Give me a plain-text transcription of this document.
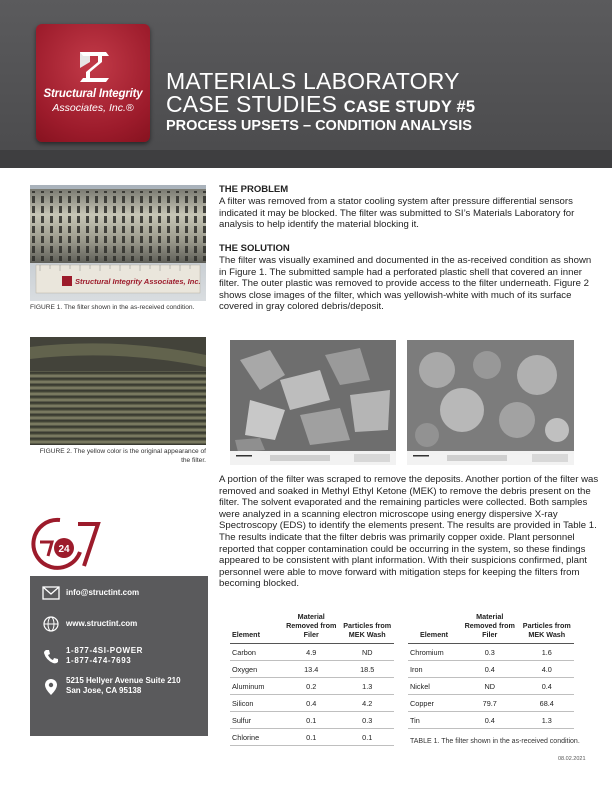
Structural Integrity
Associates, Inc.®
MATERIALS LABORATORY
CASE STUDIES CASE STUDY #5
PROCESS UPSETS – CONDITION ANALYSIS
Structural Integrity Associates, Inc.
FIGURE 1. The filter shown in the as-received condition.
FIGURE 2. The yellow color is the original appearance of the filter.
24
info@structint.com
www.structint.com
1-877-4SI-POWER
1-877-474-7693
5215 Hellyer Avenue Suite 210
San Jose, CA 95138
THE PROBLEM
A filter was removed from a stator cooling system after pressure differential sensors indicated it may be blocked. The filter was submitted to SI’s Materials Laboratory for analysis to help identify the material blocking it.
THE SOLUTION
The filter was visually examined and documented in the as-received condition as shown in Figure 1. The submitted sample had a perforated plastic shell that covered an inner filter. The outer plastic was removed to provide access to the filter underneath. Figure 2 shows close images of the filter, which was yellowish-white with much of its surface covered in gray colored debris/deposit.
A portion of the filter was scraped to remove the deposits. Another portion of the filter was removed and soaked in Methyl Ethyl Ketone (MEK) to remove the debris present on the filter. The solvent evaporated and the remaining particles were collected. Both samples were analyzed in a scanning electron microscope using energy dispersive X-ray Spectroscopy (EDS) to identify the elements present. The results are provided in Table 1. The results indicate that the filter debris was primarily copper oxide. Plant personnel reported that copper contamination could be occurring in the system, so these findings appeared to be consistent with plant information. With their suspicions confirmed, plant personnel were able to move forward with mitigation steps for keeping the filters from becoming blocked.
Element	Material Removed from Filer	Particles from MEK Wash
Carbon	4.9	ND
Oxygen	13.4	18.5
Aluminum	0.2	1.3
Silicon	0.4	4.2
Sulfur	0.1	0.3
Chlorine	0.1	0.1
Element	Material Removed from Filer	Particles from MEK Wash
Chromium	0.3	1.6
Iron	0.4	4.0
Nickel	ND	0.4
Copper	79.7	68.4
Tin	0.4	1.3
TABLE 1. The filter shown in the as-received condition.
08.02.2021
